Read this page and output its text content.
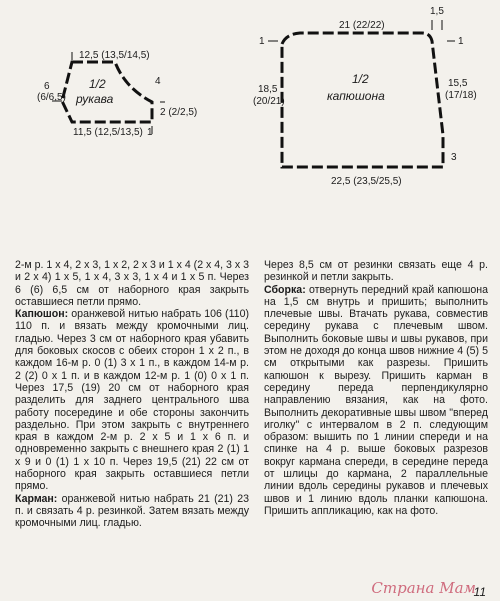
12,5 (13,5/14,5)
6
(6/6,5)
4
1/2
рукава
2 (2/2,5)
11,5 (12,5/13,5) 1
21 (22/22)
1,5
1	1
18,5
(20/21)
15,5
(17/18)
1/2
капюшона
3
22,5 (23,5/25,5)

2-м р. 1 х 4, 2 х 3, 1 х 2, 2 х 3 и 1 х 4 (2 х 4, 3 х 3 и 2 х 4) 1 х 5, 1 х 4, 3 х 3, 1 х 4 и 1 х 5 п. Через 6 (6) 6,5 см от наборного края закрыть оставшиеся петли прямо.

Капюшон: оранжевой нитью набрать 106 (110) 110 п. и вязать между кромочными лиц. гладью. Через 3 см от наборного края убавить для боковых скосов с обеих сторон 1 х 2 п., в каждом 16-м р. 0 (1) 3 х 1 п., в каждом 14-м р. 2 (2) 0 х 1 п. и в каждом 12-м р. 1 (0) 0 х 1 п. Через 17,5 (19) 20 см от наборного края разделить для заднего центрального шва работу посередине и обе стороны закончить раздельно. При этом закрыть с внутреннего края в каждом 2-м р. 2 х 5 и 1 х 6 п. и одновременно закрыть с внешнего края 2 (1) 1 х 9 и 0 (1) 1 х 10 п. Через 19,5 (21) 22 см от наборного края закрыть оставшиеся петли прямо.

Карман: оранжевой нитью набрать 21 (21) 23 п. и связать 4 р. резинкой. Затем вязать между кромочными лиц. гладью.

Через 8,5 см от резинки связать еще 4 р. резинкой и петли закрыть.

Сборка: отвернуть передний край капюшона на 1,5 см внутрь и пришить; выполнить плечевые швы. Втачать рукава, совместив середину рукава с плечевым швом. Выполнить боковые швы и швы рукавов, при этом не доходя до конца швов нижние 4 (5) 5 см открытыми как разрезы. Пришить капюшон к вырезу. Пришить карман в середину переда перпендикулярно направлению вязания, как на фото. Выполнить декоративные швы швом "вперед иголку" с интервалом в 2 п. следующим образом: вышить по 1 линии спереди и на спинке на 4 р. выше боковых разрезов вокруг кармана спереди, в середине переда от шлицы до кармана, 2 параллельные линии вдоль середины рукавов и плечевых швов и 1 линию вдоль планки капюшона. Пришить аппликацию, как на фото.

Страна Мам
11
